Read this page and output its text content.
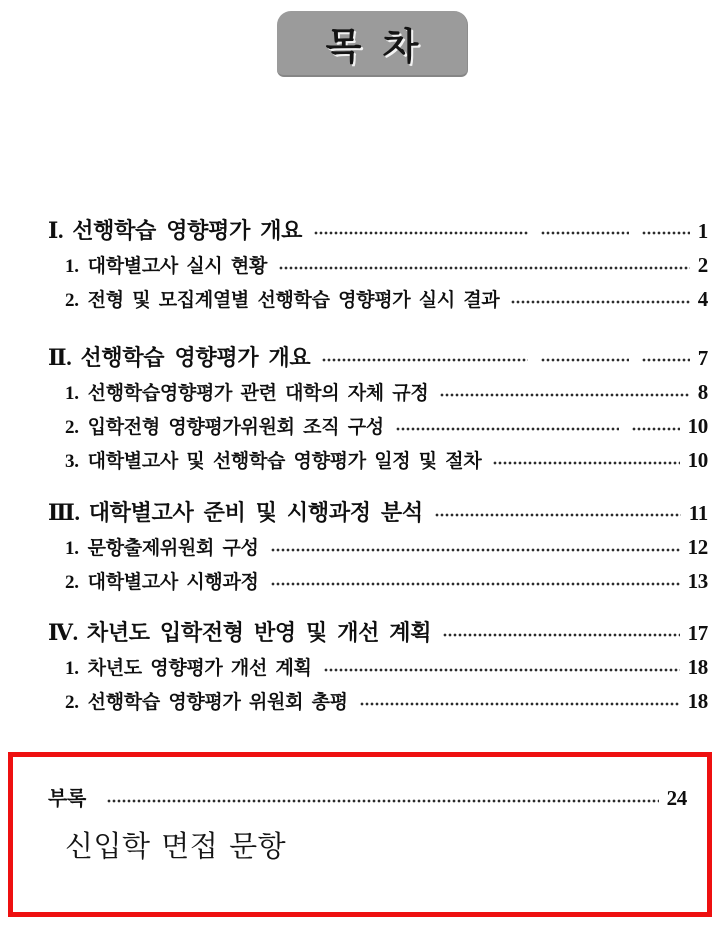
목 차
Ⅰ. 선행학습 영향평가 개요	1
1. 대학별고사 실시 현황	2
2. 전형 및 모집계열별 선행학습 영향평가 실시 결과	4
Ⅱ. 선행학습 영향평가 개요	7
1. 선행학습영향평가 관련 대학의 자체 규정	8
2. 입학전형 영향평가위원회 조직 구성	10
3. 대학별고사 및 선행학습 영향평가 일정 및 절차	10
Ⅲ. 대학별고사 준비 및 시행과정 분석	11
1. 문항출제위원회 구성	12
2. 대학별고사 시행과정	13
Ⅳ. 차년도 입학전형 반영 및 개선 계획	17
1. 차년도 영향평가 개선 계획	18
2. 선행학습 영향평가 위원회 총평	18
부록	24
신입학 면접 문항
